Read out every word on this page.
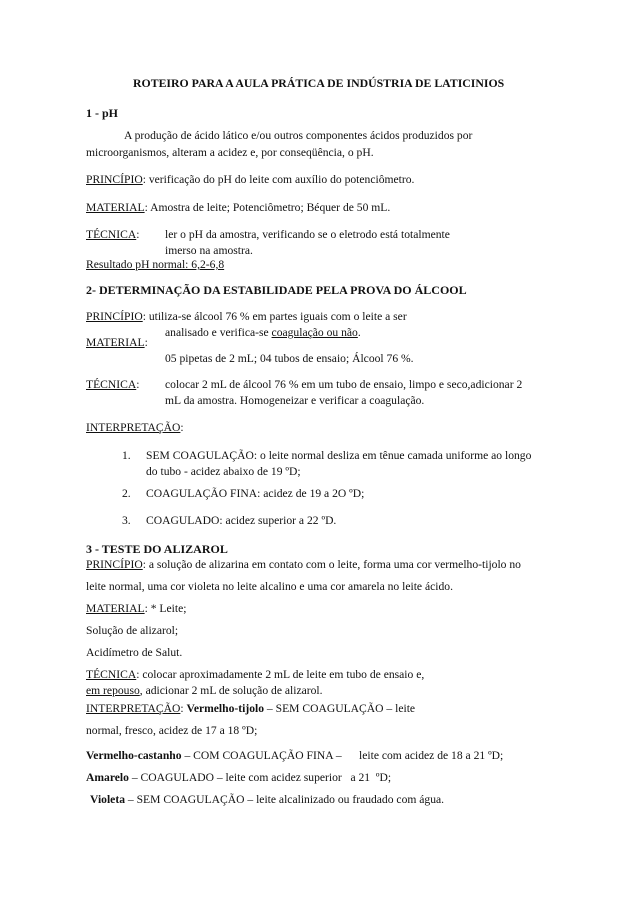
ROTEIRO PARA A AULA PRÁTICA DE INDÚSTRIA DE LATICINIOS
1 - pH
A produção de ácido lático e/ou outros componentes ácidos produzidos por
microorganismos, alteram a acidez e, por conseqüência, o pH.
PRINCÍPIO: verificação do pH do leite com auxílio do potenciômetro.
MATERIAL: Amostra de leite; Potenciômetro; Béquer de 50 mL.
TÉCNICA: ler o pH da amostra, verificando se o eletrodo está totalmente
imerso na amostra.
Resultado pH normal: 6,2-6,8
2- DETERMINAÇÃO DA ESTABILIDADE PELA PROVA DO ÁLCOOL
PRINCÍPIO: utiliza-se álcool 76 % em partes iguais com o leite a ser
analisado e verifica-se coagulação ou não.
MATERIAL:
05 pipetas de 2 mL; 04 tubos de ensaio; Álcool 76 %.
TÉCNICA: colocar 2 mL de álcool 76 % em um tubo de ensaio, limpo e seco,adicionar 2
mL da amostra. Homogeneizar e verificar a coagulação.
INTERPRETAÇÃO:
1. SEM COAGULAÇÃO: o leite normal desliza em tênue camada uniforme ao longo
do tubo - acidez abaixo de 19 ºD;
2. COAGULAÇÃO FINA: acidez de 19 a 2O ºD;
3. COAGULADO: acidez superior a 22 ºD.
3 - TESTE DO ALIZAROL
PRINCÍPIO: a solução de alizarina em contato com o leite, forma uma cor vermelho-tijolo no
leite normal, uma cor violeta no leite alcalino e uma cor amarela no leite ácido.
MATERIAL: * Leite;
Solução de alizarol;
Acidímetro de Salut.
TÉCNICA: colocar aproximadamente 2 mL de leite em tubo de ensaio e,
em repouso, adicionar 2 mL de solução de alizarol.
INTERPRETAÇÃO: Vermelho-tijolo – SEM COAGULAÇÃO – leite
normal, fresco, acidez de 17 a 18 ºD;
Vermelho-castanho – COM COAGULAÇÃO FINA –      leite com acidez de 18 a 21 ºD;
Amarelo – COAGULADO – leite com acidez superior   a 21  ºD;
Violeta – SEM COAGULAÇÃO – leite alcalinizado ou fraudado com água.
